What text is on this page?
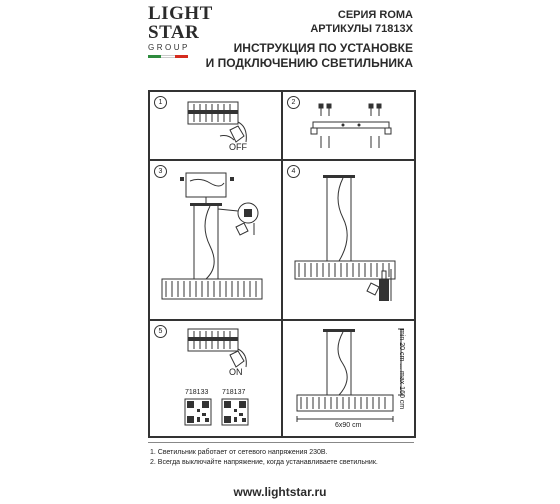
LIGHT
STAR
GROUP
СЕРИЯ ROMA
АРТИКУЛЫ 71813X
ИНСТРУКЦИЯ ПО УСТАНОВКЕ
И ПОДКЛЮЧЕНИЮ СВЕТИЛЬНИКА
1
OFF
2
3	4
5
ON
718133 718137
6x90 cm
min 20 cm ... max 160 cm
1. Светильник работает от сетевого напряжения 230В.
2. Всегда выключайте напряжение, когда устанавливаете светильник.
www.lightstar.ru
